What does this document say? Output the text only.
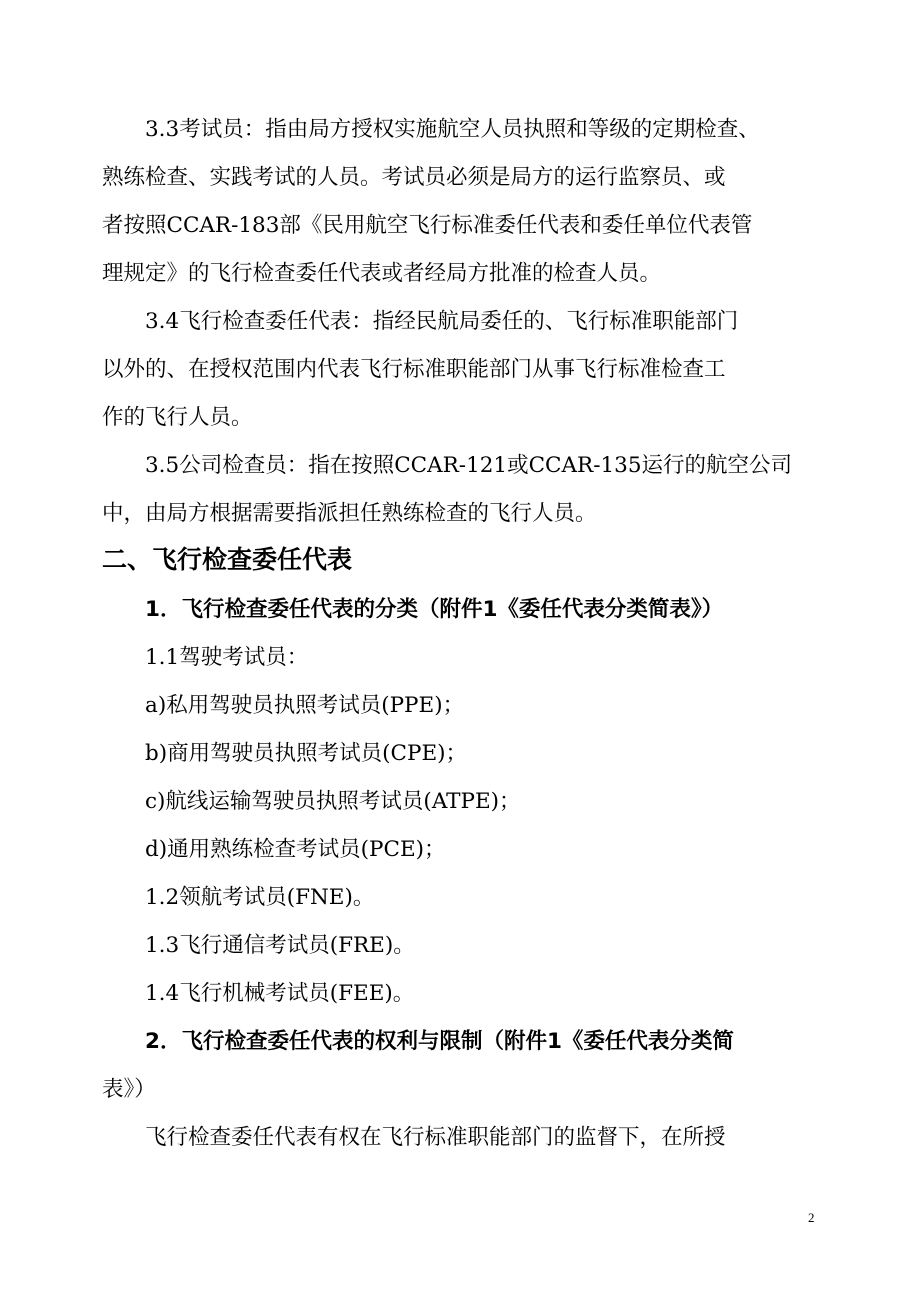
　　3.3考试员：指由局方授权实施航空人员执照和等级的定期检查、
熟练检查、实践考试的人员。考试员必须是局方的运行监察员、或
者按照CCAR-183部《民用航空飞行标准委任代表和委任单位代表管
理规定》的飞行检查委任代表或者经局方批准的检查人员。
　　3.4飞行检查委任代表：指经民航局委任的、飞行标准职能部门
以外的、在授权范围内代表飞行标准职能部门从事飞行标准检查工
作的飞行人员。
　　3.5公司检查员：指在按照CCAR-121或CCAR-135运行的航空公司
中，由局方根据需要指派担任熟练检查的飞行人员。
二、飞行检查委任代表
　　1．飞行检查委任代表的分类（附件1《委任代表分类简表》）
　　1.1驾驶考试员：
　　a)私用驾驶员执照考试员(PPE)；
　　b)商用驾驶员执照考试员(CPE)；
　　c)航线运输驾驶员执照考试员(ATPE)；
　　d)通用熟练检查考试员(PCE)；
　　1.2领航考试员(FNE)。
　　1.3飞行通信考试员(FRE)。
　　1.4飞行机械考试员(FEE)。
　　2．飞行检查委任代表的权利与限制（附件1《委任代表分类简
表》）
　　飞行检查委任代表有权在飞行标准职能部门的监督下，在所授
2
